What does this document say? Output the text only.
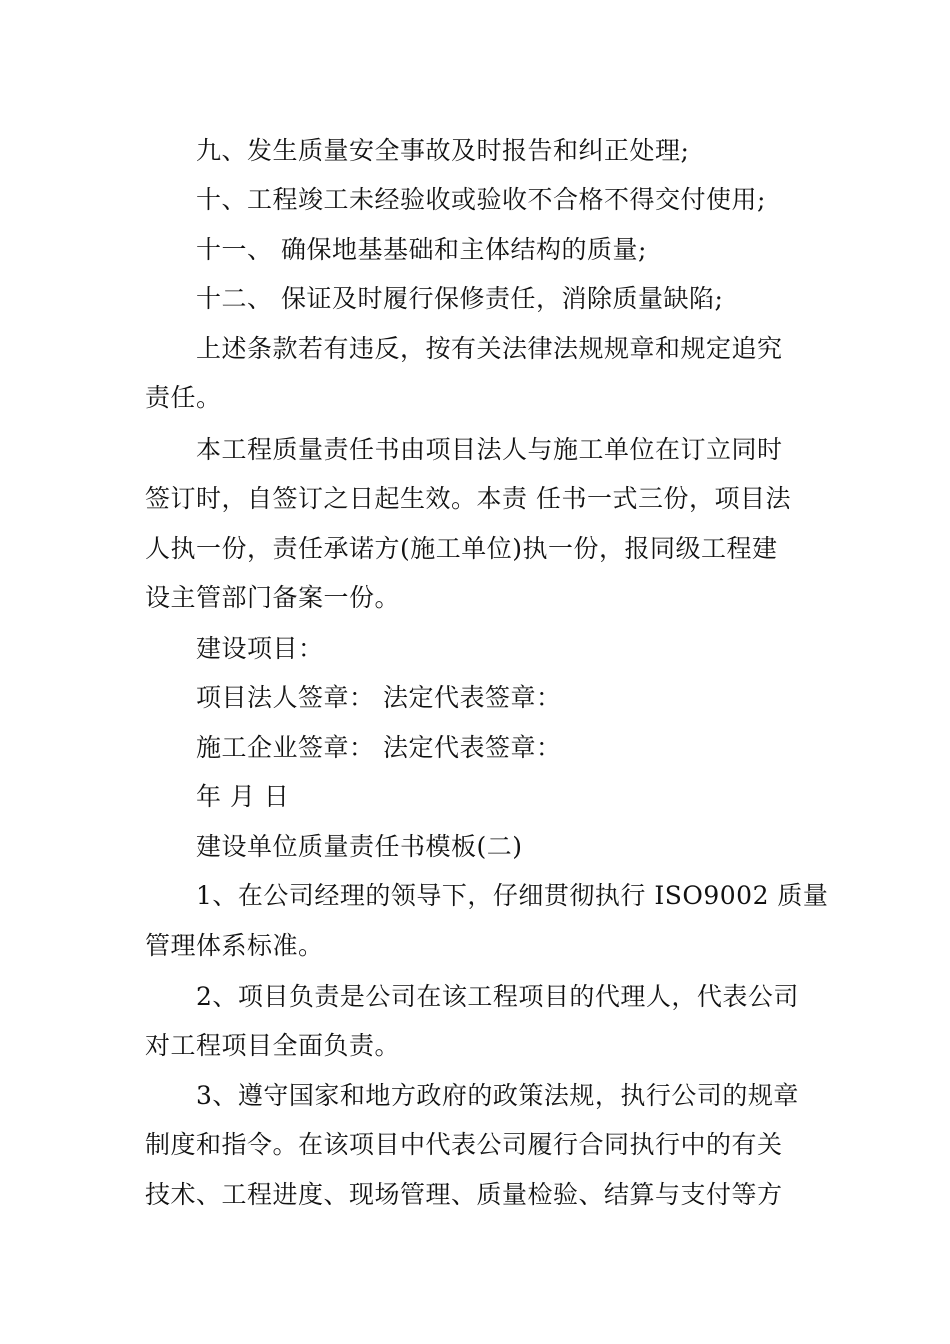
九、发生质量安全事故及时报告和纠正处理;
十、工程竣工未经验收或验收不合格不得交付使用;
十一、 确保地基基础和主体结构的质量;
十二、 保证及时履行保修责任，消除质量缺陷;
上述条款若有违反，按有关法律法规规章和规定追究
责任。
本工程质量责任书由项目法人与施工单位在订立同时
签订时，自签订之日起生效。本责 任书一式三份，项目法
人执一份，责任承诺方(施工单位)执一份，报同级工程建
设主管部门备案一份。
建设项目：
项目法人签章： 法定代表签章：
施工企业签章： 法定代表签章：
年 月 日
建设单位质量责任书模板(二)
1、在公司经理的领导下，仔细贯彻执行 ISO9002 质量
管理体系标准。
2、项目负责是公司在该工程项目的代理人，代表公司
对工程项目全面负责。
3、遵守国家和地方政府的政策法规，执行公司的规章
制度和指令。在该项目中代表公司履行合同执行中的有关
技术、工程进度、现场管理、质量检验、结算与支付等方
